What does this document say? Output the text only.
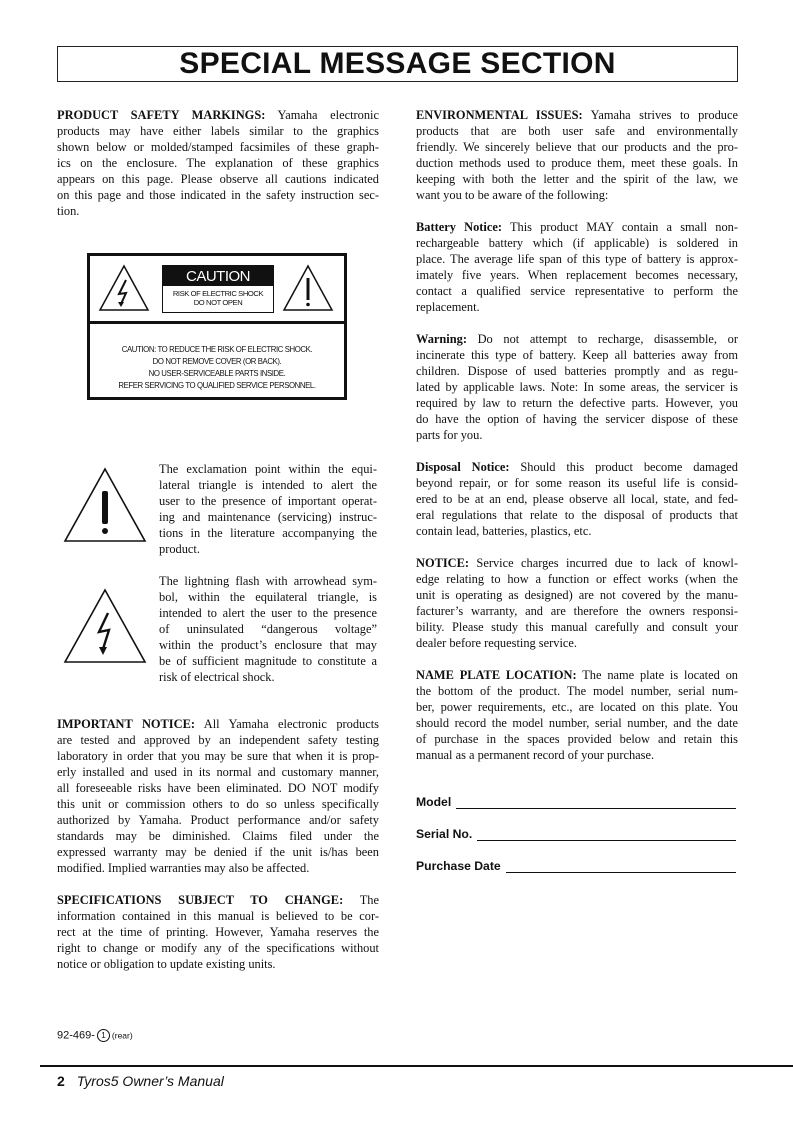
SPECIAL MESSAGE SECTION
PRODUCT SAFETY MARKINGS: Yamaha electronic
products may have either labels similar to the graphics
shown below or molded/stamped facsimiles of these graph-
ics on the enclosure. The explanation of these graphics
appears on this page. Please observe all cautions indicated
on this page and those indicated in the safety instruction sec-
tion.
CAUTION
RISK OF ELECTRIC SHOCK
DO NOT OPEN
CAUTION: TO REDUCE THE RISK OF ELECTRIC SHOCK.
DO NOT REMOVE COVER (OR BACK).
NO USER-SERVICEABLE PARTS INSIDE.
REFER SERVICING TO QUALIFIED SERVICE PERSONNEL.
The exclamation point within the equi-
lateral triangle is intended to alert the
user to the presence of important operat-
ing and maintenance (servicing) instruc-
tions in the literature accompanying the
product.
The lightning flash with arrowhead sym-
bol, within the equilateral triangle, is
intended to alert the user to the presence
of uninsulated “dangerous voltage”
within the product’s enclosure that may
be of sufficient magnitude to constitute a
risk of electrical shock.
IMPORTANT NOTICE: All Yamaha electronic products
are tested and approved by an independent safety testing
laboratory in order that you may be sure that when it is prop-
erly installed and used in its normal and customary manner,
all foreseeable risks have been eliminated. DO NOT modify
this unit or commission others to do so unless specifically
authorized by Yamaha. Product performance and/or safety
standards may be diminished. Claims filed under the
expressed warranty may be denied if the unit is/has been
modified. Implied warranties may also be affected.
SPECIFICATIONS SUBJECT TO CHANGE: The
information contained in this manual is believed to be cor-
rect at the time of printing. However, Yamaha reserves the
right to change or modify any of the specifications without
notice or obligation to update existing units.
ENVIRONMENTAL ISSUES: Yamaha strives to produce
products that are both user safe and environmentally
friendly. We sincerely believe that our products and the pro-
duction methods used to produce them, meet these goals. In
keeping with both the letter and the spirit of the law, we
want you to be aware of the following:
Battery Notice: This product MAY contain a small non-
rechargeable battery which (if applicable) is soldered in
place. The average life span of this type of battery is approx-
imately five years. When replacement becomes necessary,
contact a qualified service representative to perform the
replacement.
Warning: Do not attempt to recharge, disassemble, or
incinerate this type of battery. Keep all batteries away from
children. Dispose of used batteries promptly and as regu-
lated by applicable laws. Note: In some areas, the servicer is
required by law to return the defective parts. However, you
do have the option of having the servicer dispose of these
parts for you.
Disposal Notice: Should this product become damaged
beyond repair, or for some reason its useful life is consid-
ered to be at an end, please observe all local, state, and fed-
eral regulations that relate to the disposal of products that
contain lead, batteries, plastics, etc.
NOTICE: Service charges incurred due to lack of knowl-
edge relating to how a function or effect works (when the
unit is operating as designed) are not covered by the manu-
facturer’s warranty, and are therefore the owners responsi-
bility. Please study this manual carefully and consult your
dealer before requesting service.
NAME PLATE LOCATION: The name plate is located on
the bottom of the product. The model number, serial num-
ber, power requirements, etc., are located on this plate. You
should record the model number, serial number, and the date
of purchase in the spaces provided below and retain this
manual as a permanent record of your purchase.
Model
Serial No.
Purchase Date
92-469- 1 (rear)
2 Tyros5 Owner’s Manual
